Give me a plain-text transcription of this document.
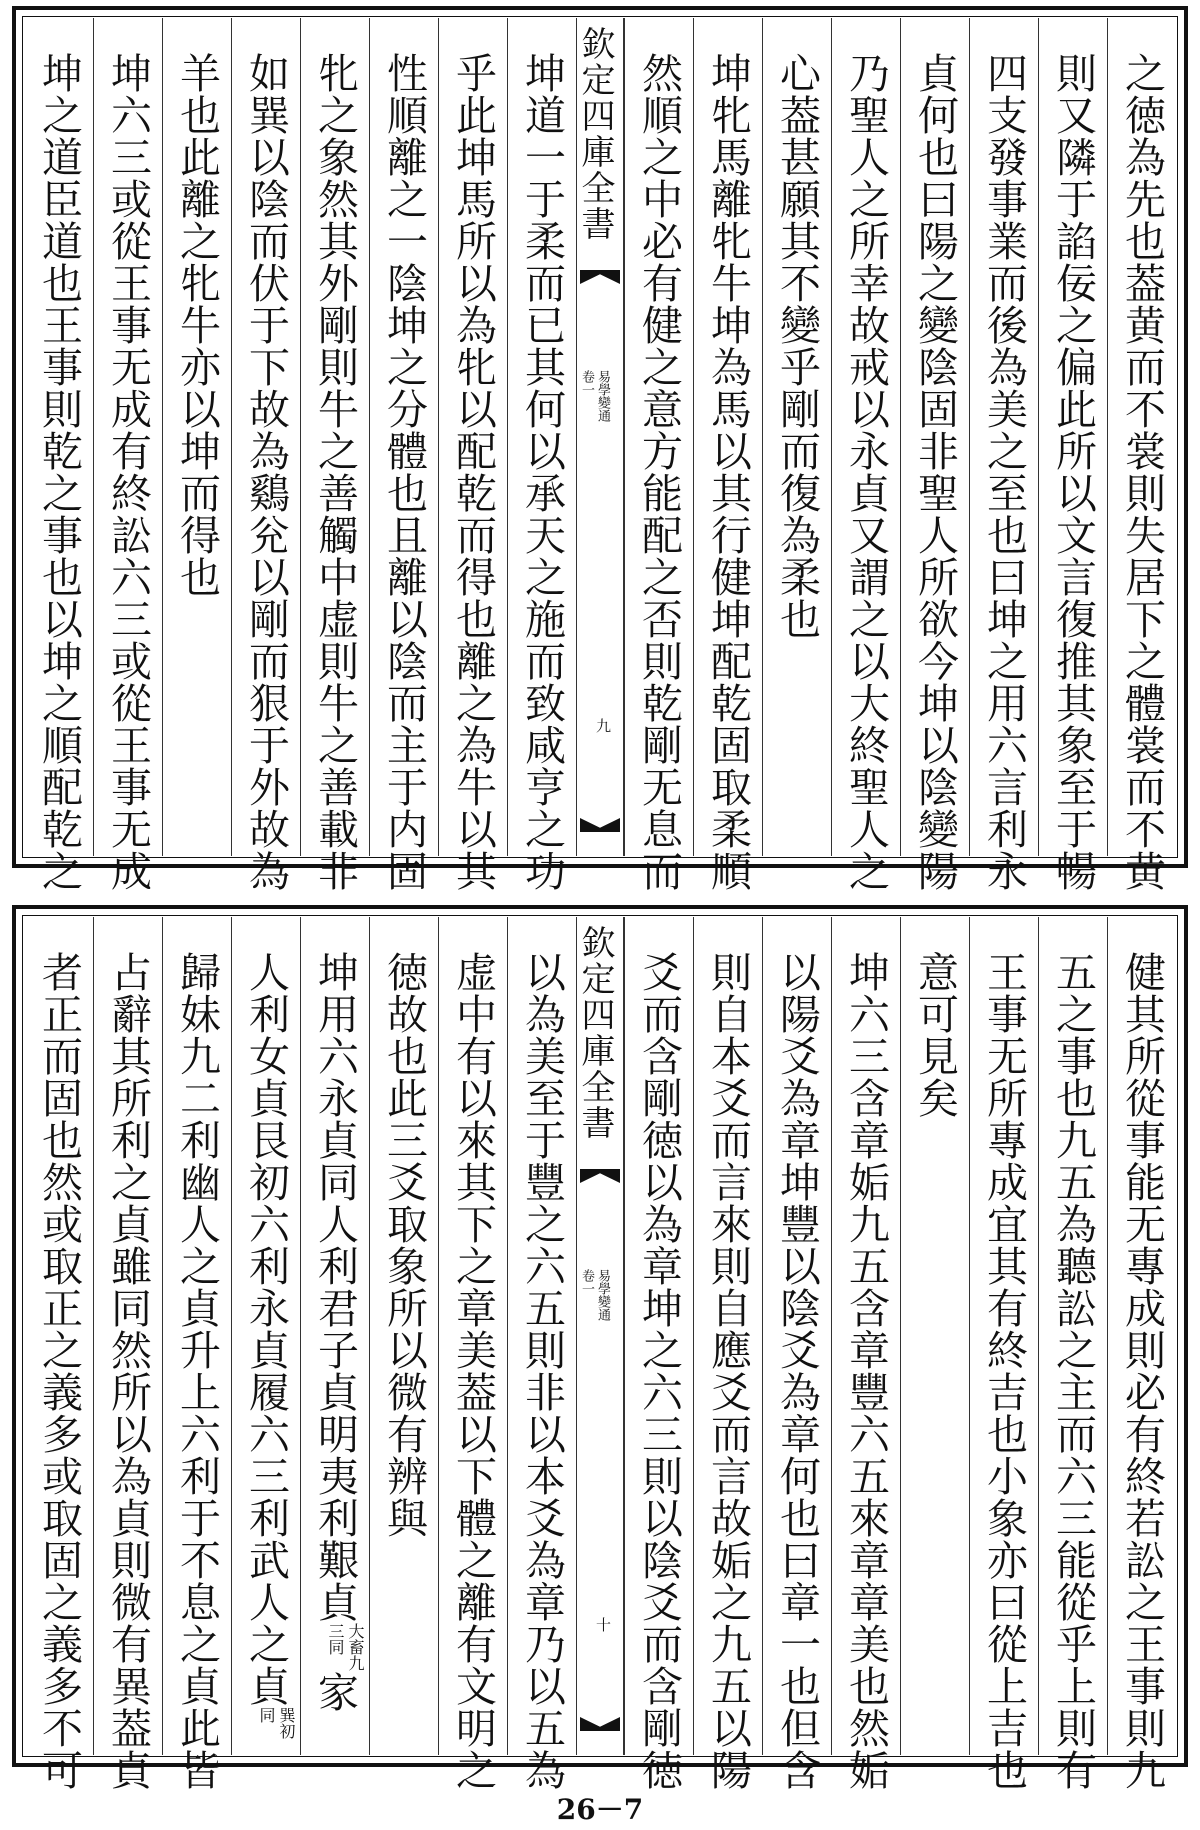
之徳為先也葢黄而不裳則失居下之體裳而不黄
則又隣于諂佞之偏此所以文言復推其象至于暢
四支發事業而後為美之至也曰坤之用六言利永
貞何也曰陽之變陰固非聖人所欲今坤以陰變陽
乃聖人之所幸故戒以永貞又謂之以大終聖人之
心葢甚願其不變乎剛而復為柔也
坤牝馬離牝牛坤為馬以其行健坤配乾固取柔順
然順之中必有健之意方能配之否則乾剛无息而
欽定四庫全書
易學變通
卷一
九
坤道一于柔而已其何以承天之施而致咸亨之功
乎此坤馬所以為牝以配乾而得也離之為牛以其
性順離之一陰坤之分體也且離以陰而主于内固
牝之象然其外剛則牛之善觸中虚則牛之善載非
如巽以陰而伏于下故為鷄兊以剛而狠于外故為
羊也此離之牝牛亦以坤而得也
坤六三或從王事无成有終訟六三或從王事无成
坤之道臣道也王事則乾之事也以坤之順配乾之
健其所從事能无專成則必有終若訟之王事則九
五之事也九五為聽訟之主而六三能從乎上則有
王事无所專成宜其有終吉也小象亦曰從上吉也
意可見矣
坤六三含章姤九五含章豐六五來章章美也然姤
以陽爻為章坤豐以陰爻為章何也曰章一也但含
則自本爻而言來則自應爻而言故姤之九五以陽
爻而含剛徳以為章坤之六三則以陰爻而含剛徳
欽定四庫全書
易學變通
卷一
十
以為美至于豐之六五則非以本爻為章乃以五為
虚中有以來其下之章美葢以下體之離有文明之
徳故也此三爻取象所以微有辨與
坤用六永貞同人利君子貞明夷利艱貞大畜九
三同家
人利女貞艮初六利永貞履六三利武人之貞巽初
同
歸妹九二利幽人之貞升上六利于不息之貞此皆
占辭其所利之貞雖同然所以為貞則微有異葢貞
者正而固也然或取正之義多或取固之義多不可
26－7
